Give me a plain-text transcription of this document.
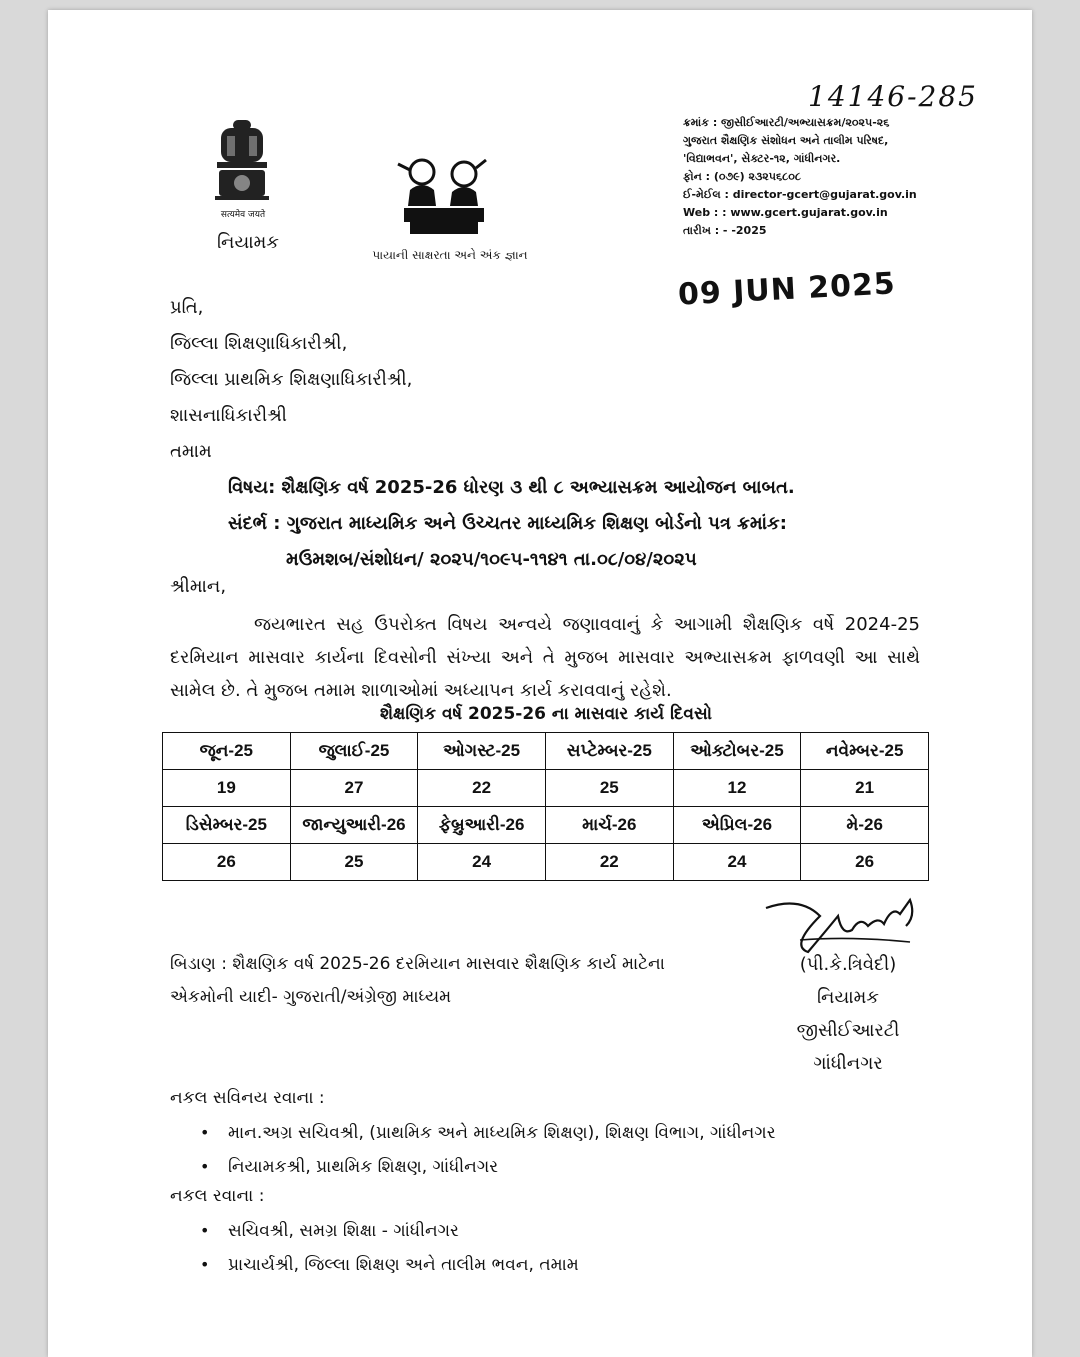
सत्यमेव जयते
નિયામક
પાયાની સાક્ષરતા અને અંક જ્ઞાન
14146-285
ક્રમાંક : જીસીઈઆરટી/અભ્યાસક્રમ/૨૦૨૫-૨૬
ગુજરાત શૈક્ષણિક સંશોધન અને તાલીમ પરિષદ,
'વિદ્યાભવન', સેક્ટર-૧૨, ગાંધીનગર.
ફોન : (૦૭૯) ૨૩૨૫૬૮૦૮
ઈ-મેઈલ : director-gcert@gujarat.gov.in
Web : : www.gcert.gujarat.gov.in
તારીખ : - -2025
09 JUN 2025
પ્રતિ,
જિલ્લા શિક્ષણાધિકારીશ્રી,
જિલ્લા પ્રાથમિક શિક્ષણાધિકારીશ્રી,
શાસનાધિકારીશ્રી
તમામ
વિષય: શૈક્ષણિક વર્ષ 2025-26 ધોરણ ૩ થી ૮ અભ્યાસક્રમ આયોજન બાબત.
સંદર્ભ : ગુજરાત માધ્યમિક અને ઉચ્ચતર માધ્યમિક શિક્ષણ બોર્ડનો પત્ર ક્રમાંક:
મઉમશબ/સંશોધન/ ૨૦૨૫/૧૦૯૫-૧૧૪૧ તા.૦૮/૦૪/૨૦૨૫
શ્રીમાન,
જયભારત સહ ઉપરોક્ત વિષય અન્વયે જણાવવાનું કે આગામી શૈક્ષણિક વર્ષે 2024-25 દરમિયાન માસવાર કાર્યના દિવસોની સંખ્યા અને તે મુજબ માસવાર અભ્યાસક્રમ ફાળવણી આ સાથે સામેલ છે. તે મુજબ તમામ શાળાઓમાં અધ્યાપન કાર્ય કરાવવાનું રહેશે.
શૈક્ષણિક વર્ષ 2025-26 ના માસવાર કાર્ય દિવસો
જૂન-25	જુલાઈ-25	ઓગસ્ટ-25	સપ્ટેમ્બર-25	ઓક્ટોબર-25	નવેમ્બર-25
19	27	22	25	12	21
ડિસેમ્બર-25	જાન્યુઆરી-26	ફેબ્રુઆરી-26	માર્ચ-26	એપ્રિલ-26	મે-26
26	25	24	22	24	26
(પી.કે.ત્રિવેદી)
નિયામક
જીસીઈઆરટી
ગાંધીનગર
બિડાણ : શૈક્ષણિક વર્ષ 2025-26 દરમિયાન માસવાર શૈક્ષણિક કાર્ય માટેના
એકમોની યાદી- ગુજરાતી/અંગ્રેજી માધ્યમ
નકલ સવિનય રવાના :
• માન.અગ્ર સચિવશ્રી, (પ્રાથમિક અને માધ્યમિક શિક્ષણ), શિક્ષણ વિભાગ, ગાંધીનગર
• નિયામકશ્રી, પ્રાથમિક શિક્ષણ, ગાંધીનગર
નકલ રવાના :
• સચિવશ્રી, સમગ્ર શિક્ષા - ગાંધીનગર
• પ્રાચાર્યશ્રી, જિલ્લા શિક્ષણ અને તાલીમ ભવન, તમામ
